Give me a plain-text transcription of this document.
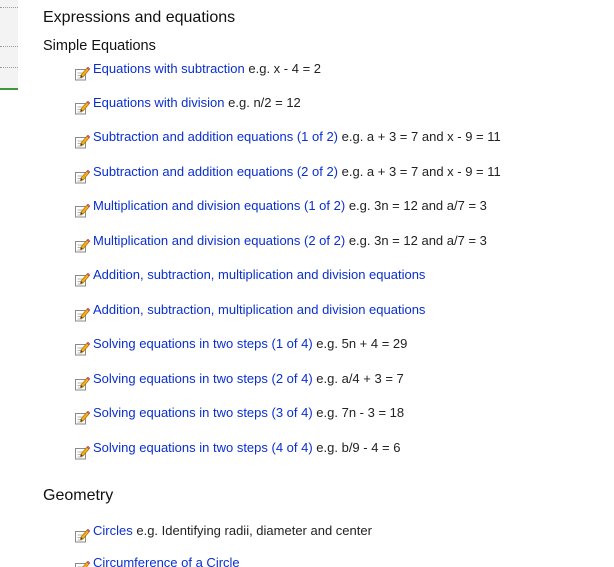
Expressions and equations
Simple Equations
Equations with subtraction e.g. x - 4 = 2
Equations with division e.g. n/2 = 12
Subtraction and addition equations (1 of 2) e.g. a + 3 = 7 and x - 9 = 11
Subtraction and addition equations (2 of 2) e.g. a + 3 = 7 and x - 9 = 11
Multiplication and division equations (1 of 2) e.g. 3n = 12 and a/7 = 3
Multiplication and division equations (2 of 2) e.g. 3n = 12 and a/7 = 3
Addition, subtraction, multiplication and division equations
Addition, subtraction, multiplication and division equations
Solving equations in two steps (1 of 4) e.g. 5n + 4 = 29
Solving equations in two steps (2 of 4) e.g. a/4 + 3 = 7
Solving equations in two steps (3 of 4) e.g. 7n - 3 = 18
Solving equations in two steps (4 of 4) e.g. b/9 - 4 = 6
Geometry
Circles e.g. Identifying radii, diameter and center
Circumference of a Circle
